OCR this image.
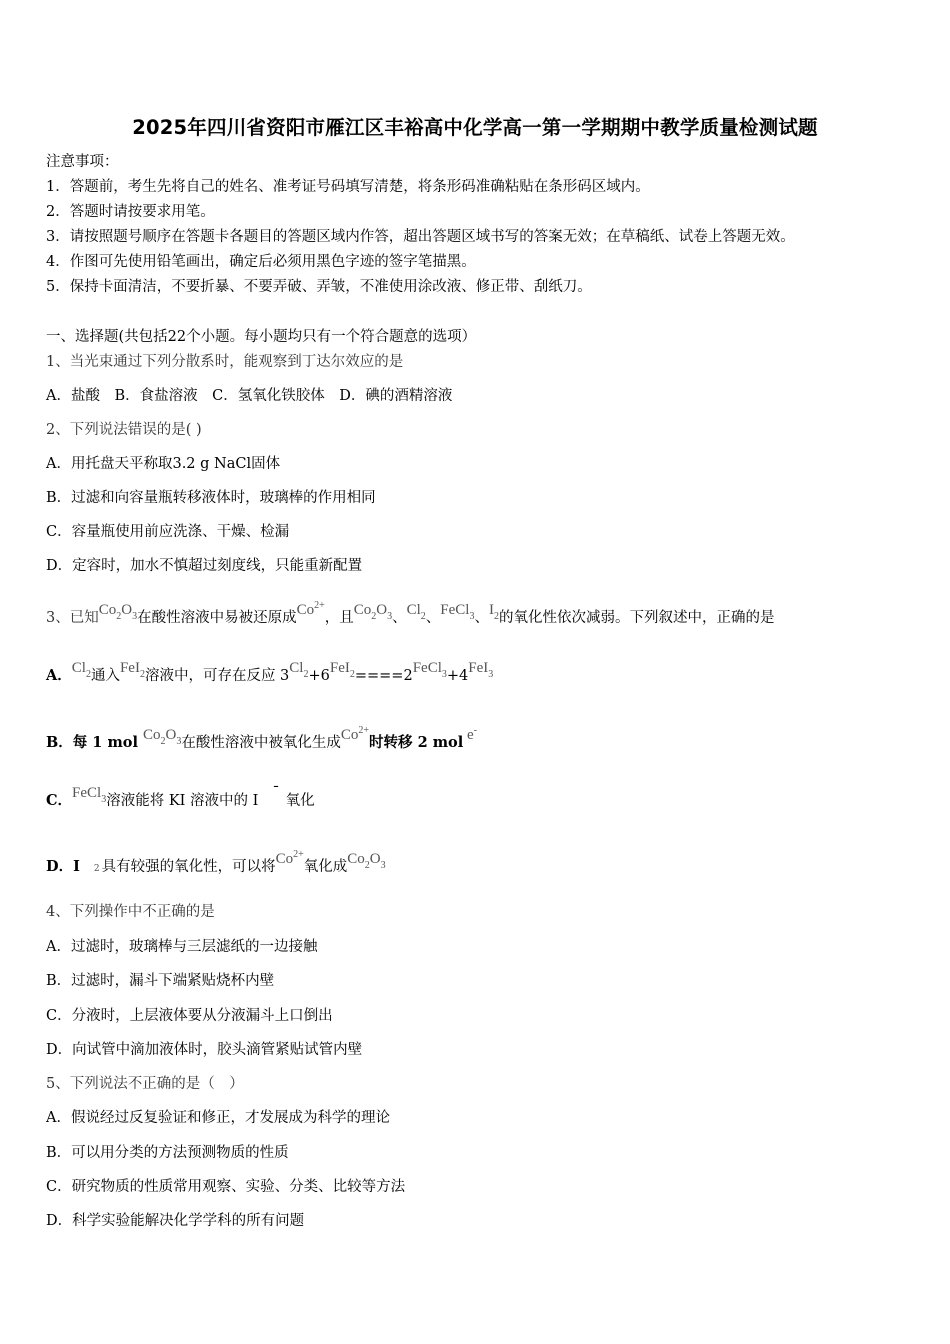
2025年四川省资阳市雁江区丰裕高中化学高一第一学期期中教学质量检测试题
注意事项：
1．答题前，考生先将自己的姓名、准考证号码填写清楚，将条形码准确粘贴在条形码区域内。
2．答题时请按要求用笔。
3．请按照题号顺序在答题卡各题目的答题区域内作答，超出答题区域书写的答案无效；在草稿纸、试卷上答题无效。
4．作图可先使用铅笔画出，确定后必须用黑色字迹的签字笔描黑。
5．保持卡面清洁，不要折暴、不要弄破、弄皱，不准使用涂改液、修正带、刮纸刀。
一、选择题(共包括22个小题。每小题均只有一个符合题意的选项）
1、当光束通过下列分散系时，能观察到丁达尔效应的是
A．盐酸　B．食盐溶液　C．氢氧化铁胶体　D．碘的酒精溶液
2、下列说法错误的是( )
A．用托盘天平称取3.2 g NaCl固体
B．过滤和向容量瓶转移液体时，玻璃棒的作用相同
C．容量瓶使用前应洗涤、干燥、检漏
D．定容时，加水不慎超过刻度线，只能重新配置
3、已知$Co_2O_3$在酸性溶液中易被还原成$Co^{2+}$，且$Co_2O_3$、$Cl_2$、FeCl$_3$、$I_2$的氧化性依次减弱。下列叙述中，正确的是
A．$Cl_2$通入FeI$_2$溶液中，可存在反应 $3Cl_2+6FeI_2====2FeCl_3+4FeI_3$
B．每 1 mol $Co_2O_3$在酸性溶液中被氧化生成$Co^{2+}$时转移 2 mol e-
C．FeCl$_3$溶液能将 KI 溶液中的 I ¯ 氧化
D．I 2 具有较强的氧化性，可以将$Co^{2+}$氧化成$Co_2O_3$
4、下列操作中不正确的是
A．过滤时，玻璃棒与三层滤纸的一边接触
B．过滤时，漏斗下端紧贴烧杯内壁
C．分液时，上层液体要从分液漏斗上口倒出
D．向试管中滴加液体时，胶头滴管紧贴试管内壁
5、下列说法不正确的是（　）
A．假说经过反复验证和修正，才发展成为科学的理论
B．可以用分类的方法预测物质的性质
C．研究物质的性质常用观察、实验、分类、比较等方法
D．科学实验能解决化学学科的所有问题
